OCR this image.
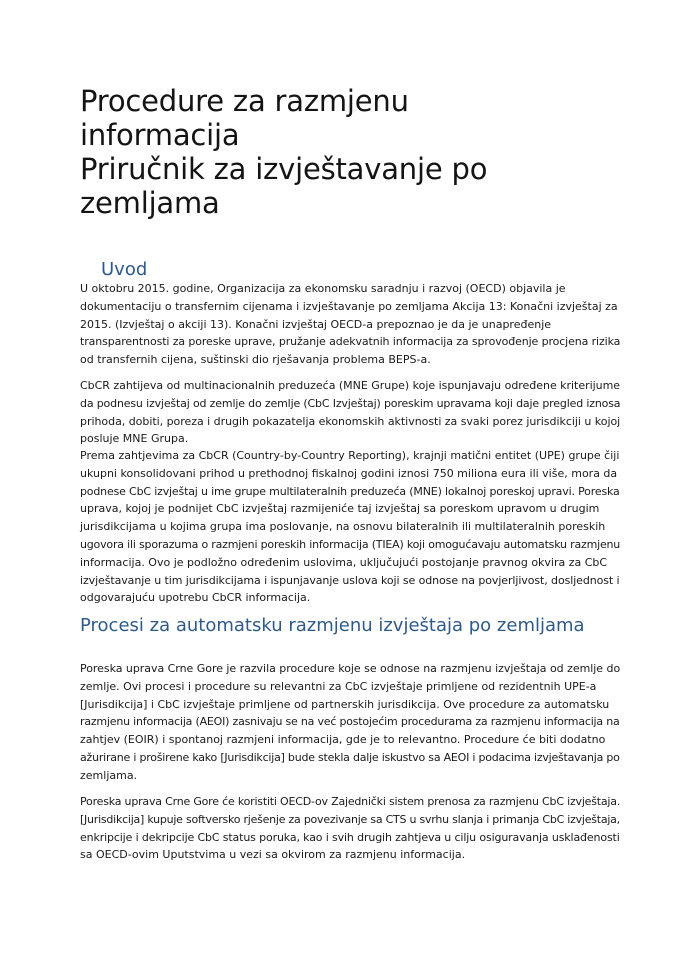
Procedure za razmjenu
informacija
Priručnik za izvještavanje po
zemljama
Uvod

U oktobru 2015. godine, Organizacija za ekonomsku saradnju i razvoj (OECD) objavila je
dokumentaciju o transfernim cijenama i izvještavanje po zemljama Akcija 13: Konačni izvještaj za
2015. (Izvještaj o akciji 13). Konačni izvještaj OECD-a prepoznao je da je unapređenje
transparentnosti za poreske uprave, pružanje adekvatnih informacija za sprovođenje procjena rizika
od transfernih cijena, suštinski dio rješavanja problema BEPS-a.

CbCR zahtijeva od multinacionalnih preduzeća (MNE Grupe) koje ispunjavaju određene kriterijume
da podnesu izvještaj od zemlje do zemlje (CbC Izvještaj) poreskim upravama koji daje pregled iznosa
prihoda, dobiti, poreza i drugih pokazatelja ekonomskih aktivnosti za svaki porez jurisdikciji u kojoj
posluje MNE Grupa.

Prema zahtjevima za CbCR (Country-by-Country Reporting), krajnji matični entitet (UPE) grupe čiji
ukupni konsolidovani prihod u prethodnoj fiskalnoj godini iznosi 750 miliona eura ili više, mora da
podnese CbC izvještaj u ime grupe multilateralnih preduzeća (MNE) lokalnoj poreskoj upravi. Poreska
uprava, kojoj je podnijet CbC izvještaj razmijeniće taj izvještaj sa poreskom upravom u drugim
jurisdikcijama u kojima grupa ima poslovanje, na osnovu bilateralnih ili multilateralnih poreskih
ugovora ili sporazuma o razmjeni poreskih informacija (TIEA) koji omogućavaju automatsku razmjenu
informacija. Ovo je podložno određenim uslovima, uključujući postojanje pravnog okvira za CbC
izvještavanje u tim jurisdikcijama i ispunjavanje uslova koji se odnose na povjerljivost, dosljednost i
odgovarajuću upotrebu CbCR informacija.

Procesi za automatsku razmjenu izvještaja po zemljama

Poreska uprava Crne Gore je razvila procedure koje se odnose na razmjenu izvještaja od zemlje do
zemlje. Ovi procesi i procedure su relevantni za CbC izvještaje primljene od rezidentnih UPE-a
[Jurisdikcija] i CbC izvještaje primljene od partnerskih jurisdikcija. Ove procedure za automatsku
razmjenu informacija (AEOI) zasnivaju se na već postojećim procedurama za razmjenu informacija na
zahtjev (EOIR) i spontanoj razmjeni informacija, gde je to relevantno. Procedure će biti dodatno
ažurirane i proširene kako [Jurisdikcija] bude stekla dalje iskustvo sa AEOI i podacima izvještavanja po
zemljama.

Poreska uprava Crne Gore će koristiti OECD-ov Zajednički sistem prenosa za razmjenu CbC izvještaja.
[Jurisdikcija] kupuje softversko rješenje za povezivanje sa CTS u svrhu slanja i primanja CbC izvještaja,
enkripcije i dekripcije CbC status poruka, kao i svih drugih zahtjeva u cilju osiguravanja usklađenosti
sa OECD-ovim Uputstvima u vezi sa okvirom za razmjenu informacija.
